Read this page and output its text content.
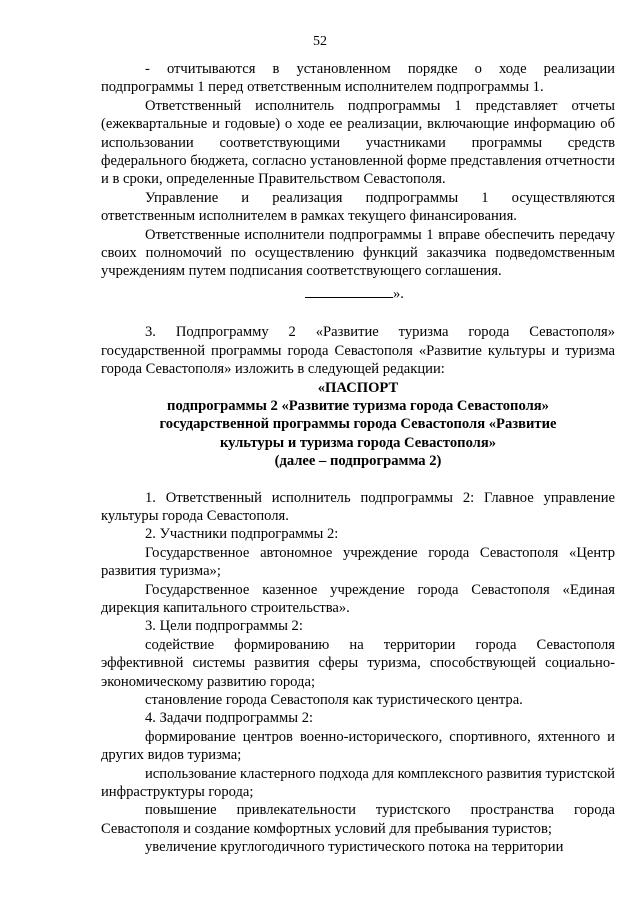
52

- отчитываются в установленном порядке о ходе реализации подпрограммы 1 перед ответственным исполнителем подпрограммы 1.

Ответственный исполнитель подпрограммы 1 представляет отчеты (ежеквартальные и годовые) о ходе ее реализации, включающие информацию об использовании соответствующими участниками программы средств федерального бюджета, согласно установленной форме представления отчетности и в сроки, определенные Правительством Севастополя.

Управление и реализация подпрограммы 1 осуществляются ответственным исполнителем в рамках текущего финансирования.

Ответственные исполнители подпрограммы 1 вправе обеспечить передачу своих полномочий по осуществлению функций заказчика подведомственным учреждениям путем подписания соответствующего соглашения.

».

3. Подпрограмму 2 «Развитие туризма города Севастополя» государственной программы города Севастополя «Развитие культуры и туризма города Севастополя» изложить в следующей редакции:

«ПАСПОРТ

подпрограммы 2 «Развитие туризма города Севастополя»

государственной программы города Севастополя «Развитие

культуры и туризма города Севастополя»

(далее – подпрограмма 2)

1. Ответственный исполнитель подпрограммы 2: Главное управление культуры города Севастополя.

2. Участники подпрограммы 2:

Государственное автономное учреждение города Севастополя «Центр развития туризма»;

Государственное казенное учреждение города Севастополя «Единая дирекция капитального строительства».

3. Цели подпрограммы 2:

содействие формированию на территории города Севастополя эффективной системы развития сферы туризма, способствующей социально-экономическому развитию города;

становление города Севастополя как туристического центра.

4. Задачи подпрограммы 2:

формирование центров военно-исторического, спортивного, яхтенного и других видов туризма;

использование кластерного подхода для комплексного развития туристской инфраструктуры города;

повышение привлекательности туристского пространства города Севастополя и создание комфортных условий для пребывания туристов;

увеличение круглогодичного туристического потока на территории
